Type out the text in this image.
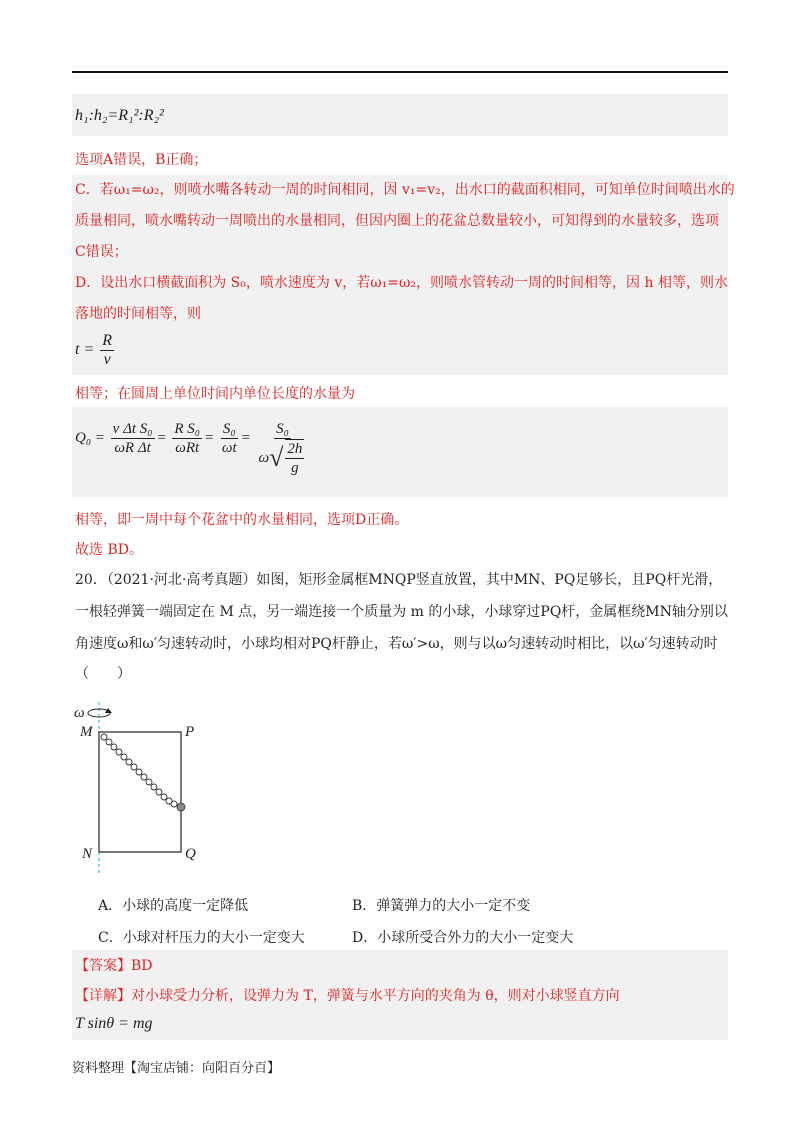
h₁:h₂=R₁²:R₂²
选项A错误，B正确；
C．若ω₁=ω₂，则喷水嘴各转动一周的时间相同，因 v₁=v₂，出水口的截面积相同，可知单位时间喷出水的
质量相同，喷水嘴转动一周喷出的水量相同，但因内圈上的花盆总数量较小，可知得到的水量较多，选项
C错误；
D．设出水口横截面积为 S₀，喷水速度为 v，若ω₁=ω₂，则喷水管转动一周的时间相等，因 h 相等，则水
落地的时间相等，则
$t = \frac{R}{v}$
相等；在圆周上单位时间内单位长度的水量为
$Q_0 = \frac{\text{v Δt S₀}}{\text{ωR Δt}} = \frac{\text{R S₀}}{\text{ωRt}} = \frac{\text{S₀}}{\omega t} = \frac{\text{S₀}}{\omega √ \frac{2h}{g}}$
相等，即一周中每个花盆中的水量相同，选项D正确。
故选 BD。
20．（2021·河北·高考真题）如图，矩形金属框MNQP竖直放置，其中MN、PQ足够长，且PQ杆光滑，
一根轻弹簧一端固定在 M 点，另一端连接一个质量为 m 的小球，小球穿过PQ杆，金属框绕MN轴分别以
角速度ω和ω′匀速转动时，小球均相对PQ杆静止，若ω′>ω，则与以ω匀速转动时相比，以ω′匀速转动时
（　　）
ω
M	P
N	Q
A．小球的高度一定降低	B．弹簧弹力的大小一定不变
C．小球对杆压力的大小一定变大	D．小球所受合外力的大小一定变大
【答案】BD
【详解】对小球受力分析，设弹力为 T，弹簧与水平方向的夹角为 θ，则对小球竖直方向
T sinθ = mg
资料整理【淘宝店铺：向阳百分百】
